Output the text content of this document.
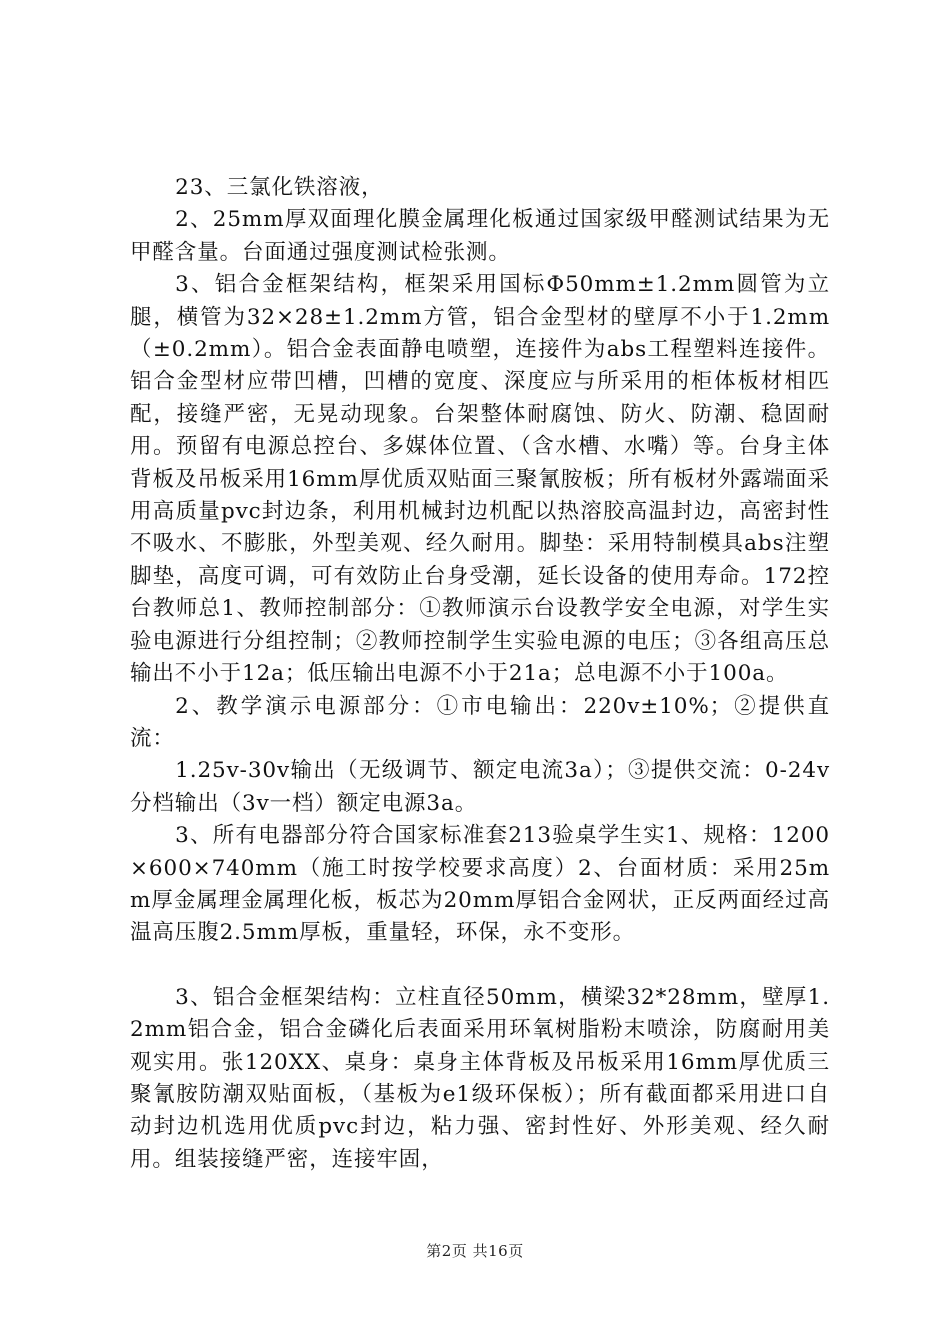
23、三氯化铁溶液，

2、25mm厚双面理化膜金属理化板通过国家级甲醛测试结果为无甲醛含量。台面通过强度测试检张测。

3、铝合金框架结构，框架采用国标Φ50mm±1.2mm圆管为立腿，横管为32×28±1.2mm方管，铝合金型材的壁厚不小于1.2mm（±0.2mm）。铝合金表面静电喷塑，连接件为abs工程塑料连接件。铝合金型材应带凹槽，凹槽的宽度、深度应与所采用的柜体板材相匹配，接缝严密，无晃动现象。台架整体耐腐蚀、防火、防潮、稳固耐用。预留有电源总控台、多媒体位置、（含水槽、水嘴）等。台身主体背板及吊板采用16mm厚优质双贴面三聚氰胺板；所有板材外露端面采用高质量pvc封边条，利用机械封边机配以热溶胶高温封边，高密封性不吸水、不膨胀，外型美观、经久耐用。脚垫：采用特制模具abs注塑脚垫，高度可调，可有效防止台身受潮，延长设备的使用寿命。172控台教师总1、教师控制部分：①教师演示台设教学安全电源，对学生实验电源进行分组控制；②教师控制学生实验电源的电压；③各组高压总输出不小于12a；低压输出电源不小于21a；总电源不小于100a。

2、教学演示电源部分：①市电输出：220v±10%；②提供直流：

1.25v-30v输出（无级调节、额定电流3a）；③提供交流：0-24v分档输出（3v一档）额定电源3a。

3、所有电器部分符合国家标准套213验桌学生实1、规格：1200×600×740mm（施工时按学校要求高度）2、台面材质：采用25mm厚金属理金属理化板，板芯为20mm厚铝合金网状，正反两面经过高温高压腹2.5mm厚板，重量轻，环保，永不变形。

3、铝合金框架结构：立柱直径50mm，横梁32*28mm，壁厚1.2mm铝合金，铝合金磷化后表面采用环氧树脂粉末喷涂，防腐耐用美观实用。张120XX、桌身：桌身主体背板及吊板采用16mm厚优质三聚氰胺防潮双贴面板，（基板为e1级环保板）；所有截面都采用进口自动封边机选用优质pvc封边，粘力强、密封性好、外形美观、经久耐用。组装接缝严密，连接牢固，

第2页 共16页
